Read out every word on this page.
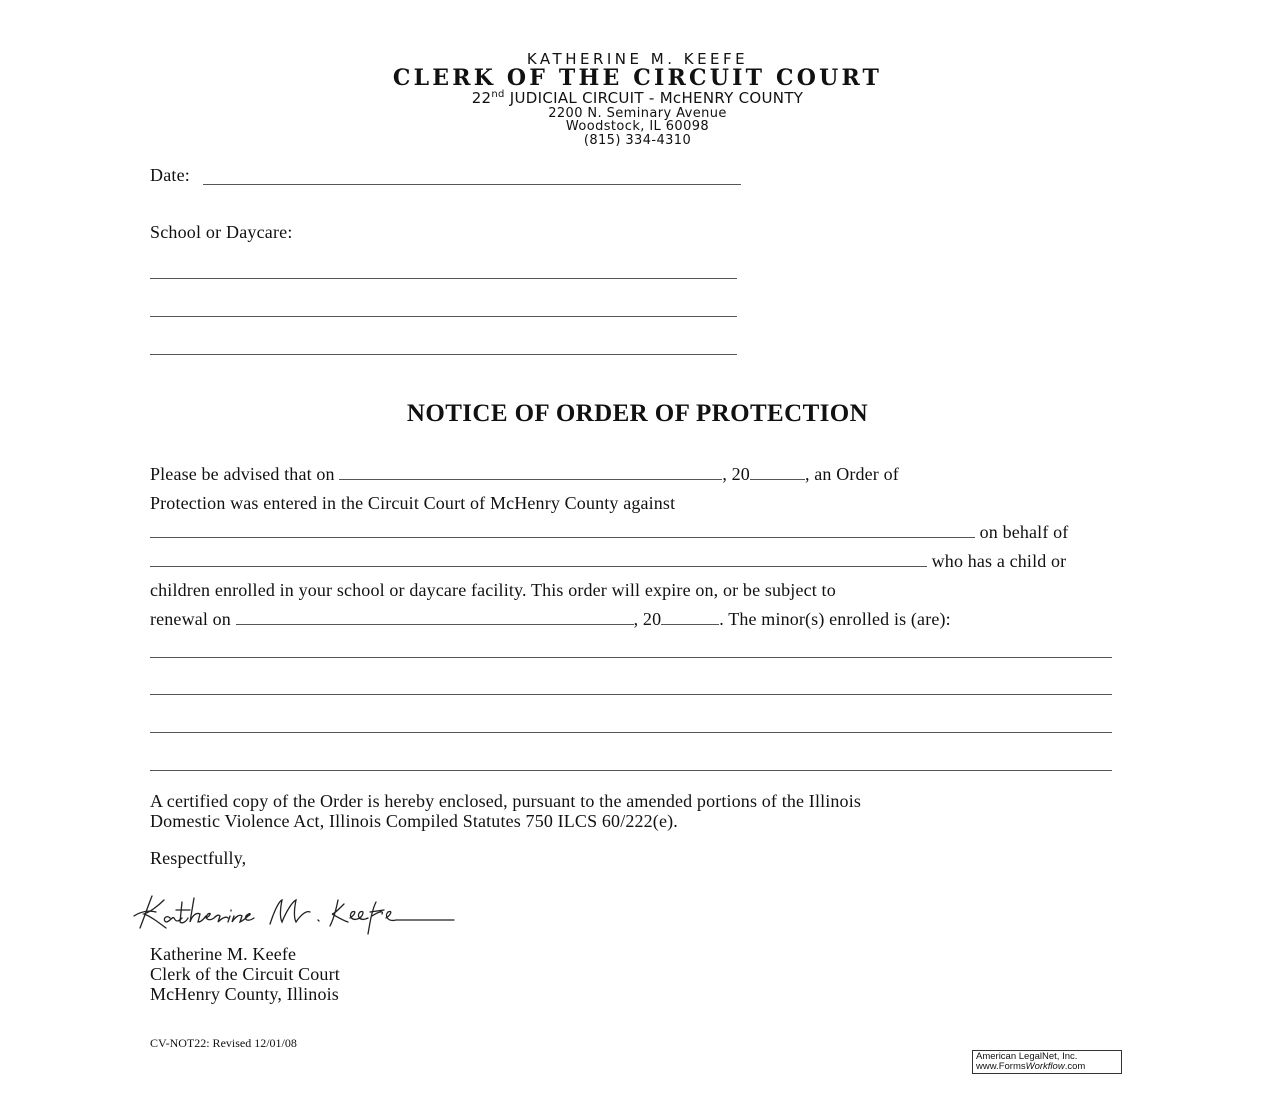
KATHERINE M. KEEFE
CLERK OF THE CIRCUIT COURT
22nd JUDICIAL CIRCUIT - McHENRY COUNTY
2200 N. Seminary Avenue
Woodstock, IL 60098
(815) 334-4310
Date:
School or Daycare:
NOTICE OF ORDER OF PROTECTION
Please be advised that on	, 20	, an Order of
Protection was entered in the Circuit Court of McHenry County against
on behalf of
who has a child or
children enrolled in your school or daycare facility. This order will expire on, or be subject to
renewal on	, 20	. The minor(s) enrolled is (are):
A certified copy of the Order is hereby enclosed, pursuant to the amended portions of the Illinois
Domestic Violence Act, Illinois Compiled Statutes 750 ILCS 60/222(e).
Respectfully,
Katherine M. Keefe
Clerk of the Circuit Court
McHenry County, Illinois
CV-NOT22: Revised 12/01/08
American LegalNet, Inc.
www.FormsWorkflow.com
